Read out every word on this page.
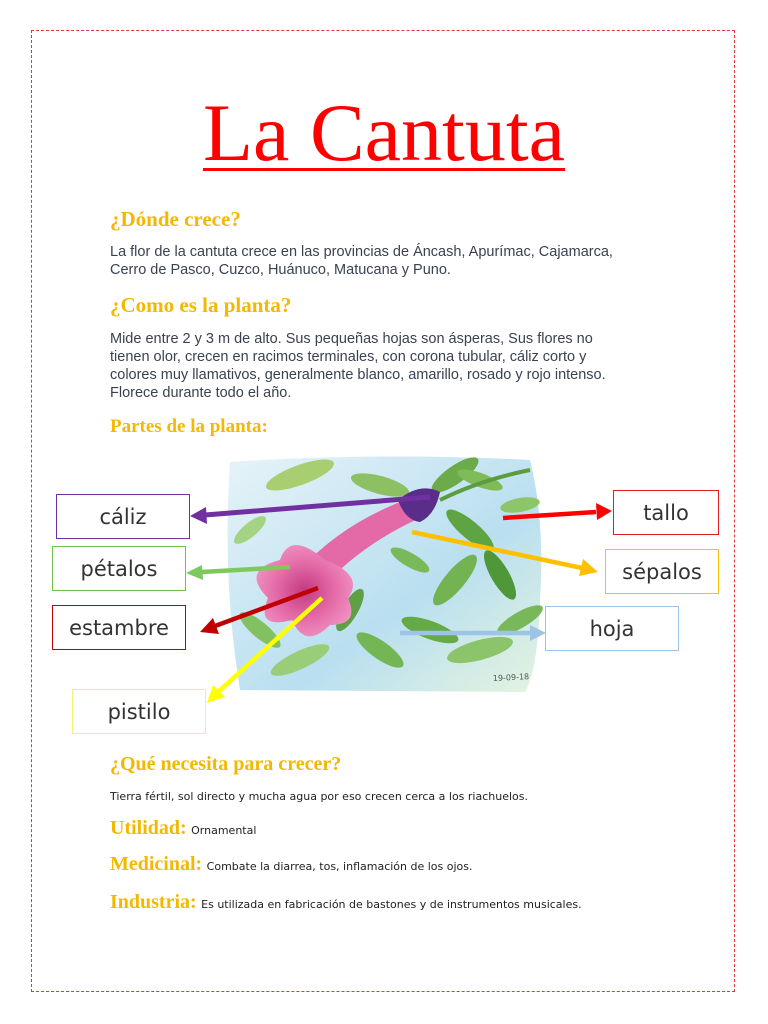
La Cantuta
¿Dónde crece?
La flor de la cantuta crece en las provincias de Áncash, Apurímac, Cajamarca,
Cerro de Pasco, Cuzco, Huánuco, Matucana y Puno.
¿Como es la planta?
Mide entre 2 y 3 m de alto. Sus pequeñas hojas son ásperas, Sus flores no
tienen olor, crecen en racimos terminales, con corona tubular, cáliz corto y
colores muy llamativos, generalmente blanco, amarillo, rosado y rojo intenso.
Florece durante todo el año.
Partes de la planta:
19-09-18
cáliz
pétalos
estambre
pistilo
tallo
sépalos
hoja
¿Qué necesita para crecer?
Tierra fértil, sol directo y mucha agua por eso crecen cerca a los riachuelos.
Utilidad: Ornamental
Medicinal: Combate la diarrea, tos, inflamación de los ojos.
Industria: Es utilizada en fabricación de bastones y de instrumentos musicales.
